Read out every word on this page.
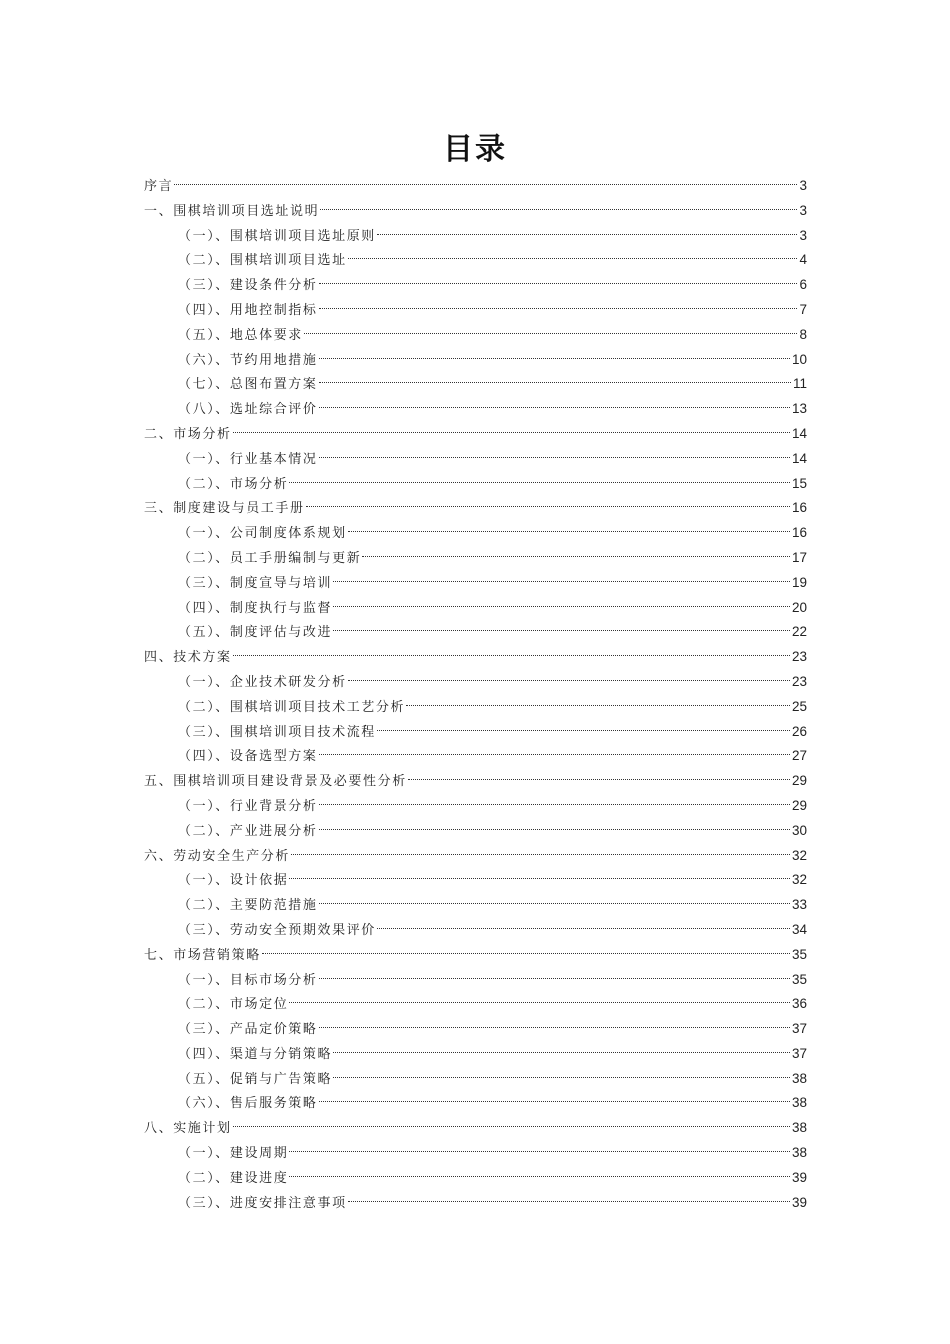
目录
序言	3
一、围棋培训项目选址说明	3
（一）、围棋培训项目选址原则	3
（二）、围棋培训项目选址	4
（三）、建设条件分析	6
（四）、用地控制指标	7
（五）、地总体要求	8
（六）、节约用地措施	10
（七）、总图布置方案	11
（八）、选址综合评价	13
二、市场分析	14
（一）、行业基本情况	14
（二）、市场分析	15
三、制度建设与员工手册	16
（一）、公司制度体系规划	16
（二）、员工手册编制与更新	17
（三）、制度宣导与培训	19
（四）、制度执行与监督	20
（五）、制度评估与改进	22
四、技术方案	23
（一）、企业技术研发分析	23
（二）、围棋培训项目技术工艺分析	25
（三）、围棋培训项目技术流程	26
（四）、设备选型方案	27
五、围棋培训项目建设背景及必要性分析	29
（一）、行业背景分析	29
（二）、产业进展分析	30
六、劳动安全生产分析	32
（一）、设计依据	32
（二）、主要防范措施	33
（三）、劳动安全预期效果评价	34
七、市场营销策略	35
（一）、目标市场分析	35
（二）、市场定位	36
（三）、产品定价策略	37
（四）、渠道与分销策略	37
（五）、促销与广告策略	38
（六）、售后服务策略	38
八、实施计划	38
（一）、建设周期	38
（二）、建设进度	39
（三）、进度安排注意事项	39
